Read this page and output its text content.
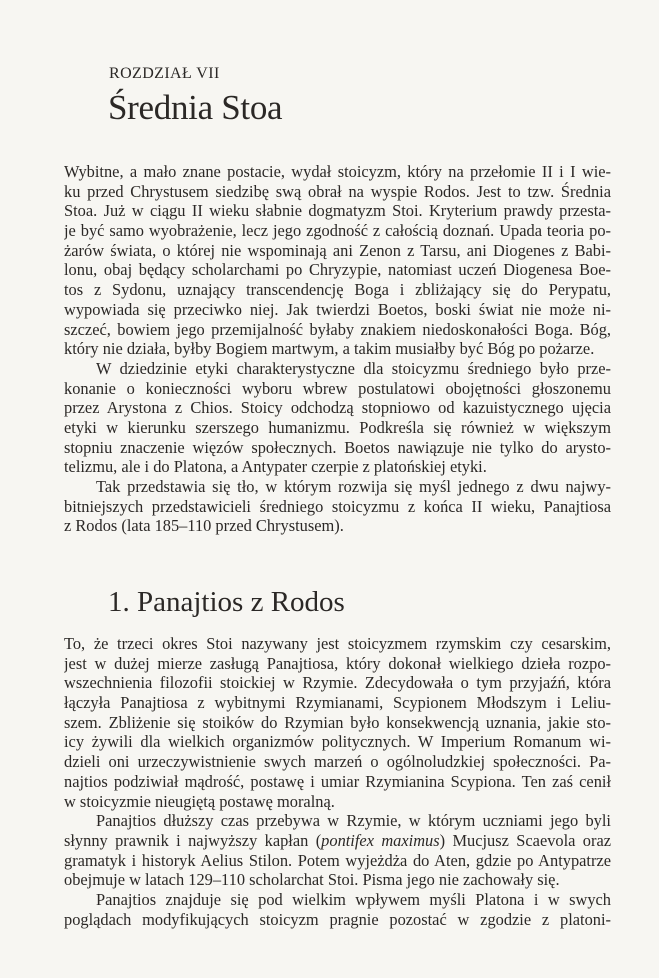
ROZDZIAŁ VII
Średnia Stoa
Wybitne, a mało znane postacie, wydał stoicyzm, który na przełomie II i I wie-
ku przed Chrystusem siedzibę swą obrał na wyspie Rodos. Jest to tzw. Średnia
Stoa. Już w ciągu II wieku słabnie dogmatyzm Stoi. Kryterium prawdy przesta-
je być samo wyobrażenie, lecz jego zgodność z całością doznań. Upada teoria po-
żarów świata, o której nie wspominają ani Zenon z Tarsu, ani Diogenes z Babi-
lonu, obaj będący scholarchami po Chryzypie, natomiast uczeń Diogenesa Boe-
tos z Sydonu, uznający transcendencję Boga i zbliżający się do Perypatu,
wypowiada się przeciwko niej. Jak twierdzi Boetos, boski świat nie może ni-
szczeć, bowiem jego przemijalność byłaby znakiem niedoskonałości Boga. Bóg,
który nie działa, byłby Bogiem martwym, a takim musiałby być Bóg po pożarze.
W dziedzinie etyki charakterystyczne dla stoicyzmu średniego było prze-
konanie o konieczności wyboru wbrew postulatowi obojętności głoszonemu
przez Arystona z Chios. Stoicy odchodzą stopniowo od kazuistycznego ujęcia
etyki w kierunku szerszego humanizmu. Podkreśla się również w większym
stopniu znaczenie więzów społecznych. Boetos nawiązuje nie tylko do arysto-
telizmu, ale i do Platona, a Antypater czerpie z platońskiej etyki.
Tak przedstawia się tło, w którym rozwija się myśl jednego z dwu najwy-
bitniejszych przedstawicieli średniego stoicyzmu z końca II wieku, Panajtiosa
z Rodos (lata 185–110 przed Chrystusem).
1. Panajtios z Rodos
To, że trzeci okres Stoi nazywany jest stoicyzmem rzymskim czy cesarskim,
jest w dużej mierze zasługą Panajtiosa, który dokonał wielkiego dzieła rozpo-
wszechnienia filozofii stoickiej w Rzymie. Zdecydowała o tym przyjaźń, która
łączyła Panajtiosa z wybitnymi Rzymianami, Scypionem Młodszym i Leliu-
szem. Zbliżenie się stoików do Rzymian było konsekwencją uznania, jakie sto-
icy żywili dla wielkich organizmów politycznych. W Imperium Romanum wi-
dzieli oni urzeczywistnienie swych marzeń o ogólnoludzkiej społeczności. Pa-
najtios podziwiał mądrość, postawę i umiar Rzymianina Scypiona. Ten zaś cenił
w stoicyzmie nieugiętą postawę moralną.
Panajtios dłuższy czas przebywa w Rzymie, w którym uczniami jego byli
słynny prawnik i najwyższy kapłan (pontifex maximus) Mucjusz Scaevola oraz
gramatyk i historyk Aelius Stilon. Potem wyjeżdża do Aten, gdzie po Antypatrze
obejmuje w latach 129–110 scholarchat Stoi. Pisma jego nie zachowały się.
Panajtios znajduje się pod wielkim wpływem myśli Platona i w swych
poglądach modyfikujących stoicyzm pragnie pozostać w zgodzie z platoni-
